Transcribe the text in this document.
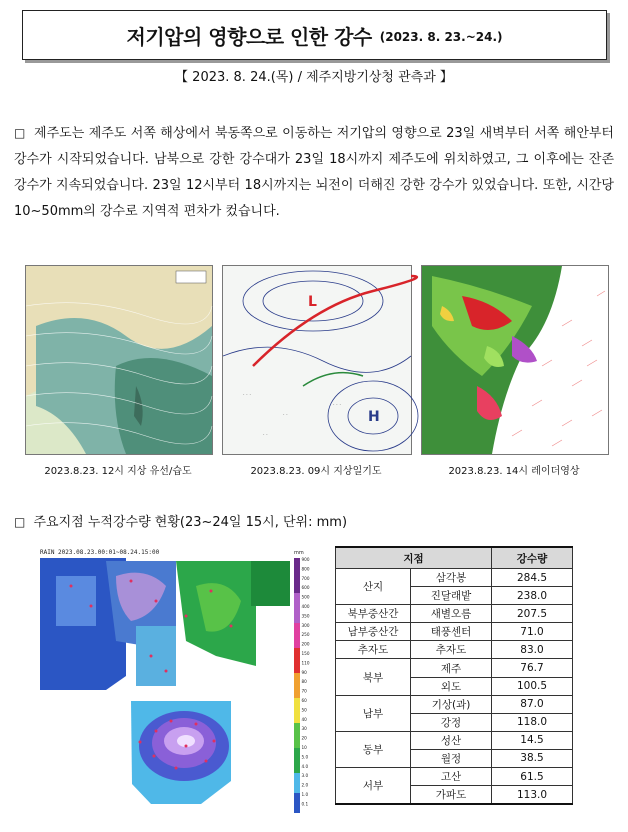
저기압의 영향으로 인한 강수 (2023. 8. 23.~24.)
【 2023. 8. 24.(목) / 제주지방기상청 관측과 】
□ 제주도는 제주도 서쪽 해상에서 북동쪽으로 이동하는 저기압의 영향으로 23일 새벽부터 서쪽 해안부터 강수가 시작되었습니다. 남북으로 강한 강수대가 23일 18시까지 제주도에 위치하였고, 그 이후에는 잔존 강수가 지속되었습니다. 23일 12시부터 18시까지는 뇌전이 더해진 강한 강수가 있었습니다. 또한, 시간당 10~50mm의 강수로 지역적 편차가 컸습니다.
· · ·
· ·
· · ·
· ·
L
H
2023.8.23. 12시 지상 유선/습도	2023.8.23. 09시 지상일기도	2023.8.23. 14시 레이더영상
□ 주요지점 누적강수량 현황(23~24일 15시, 단위: mm)
RAIN 2023.08.23.00:01~08.24.15:00	mm
900
800
700
600
500
400
350
300
250
200
150
110
90
80
70
60
50
40
30
20
10
5.0
4.0
3.0
2.0
1.0
0.1
지점		강수량
산지	삼각봉	284.5
	진달래밭	238.0
북부중산간	새별오름	207.5
남부중산간	태풍센터	71.0
추자도	추자도	83.0
북부	제주	76.7
	외도	100.5
남부	기상(과)	87.0
	강정	118.0
동부	성산	14.5
	월정	38.5
서부	고산	61.5
	가파도	113.0
